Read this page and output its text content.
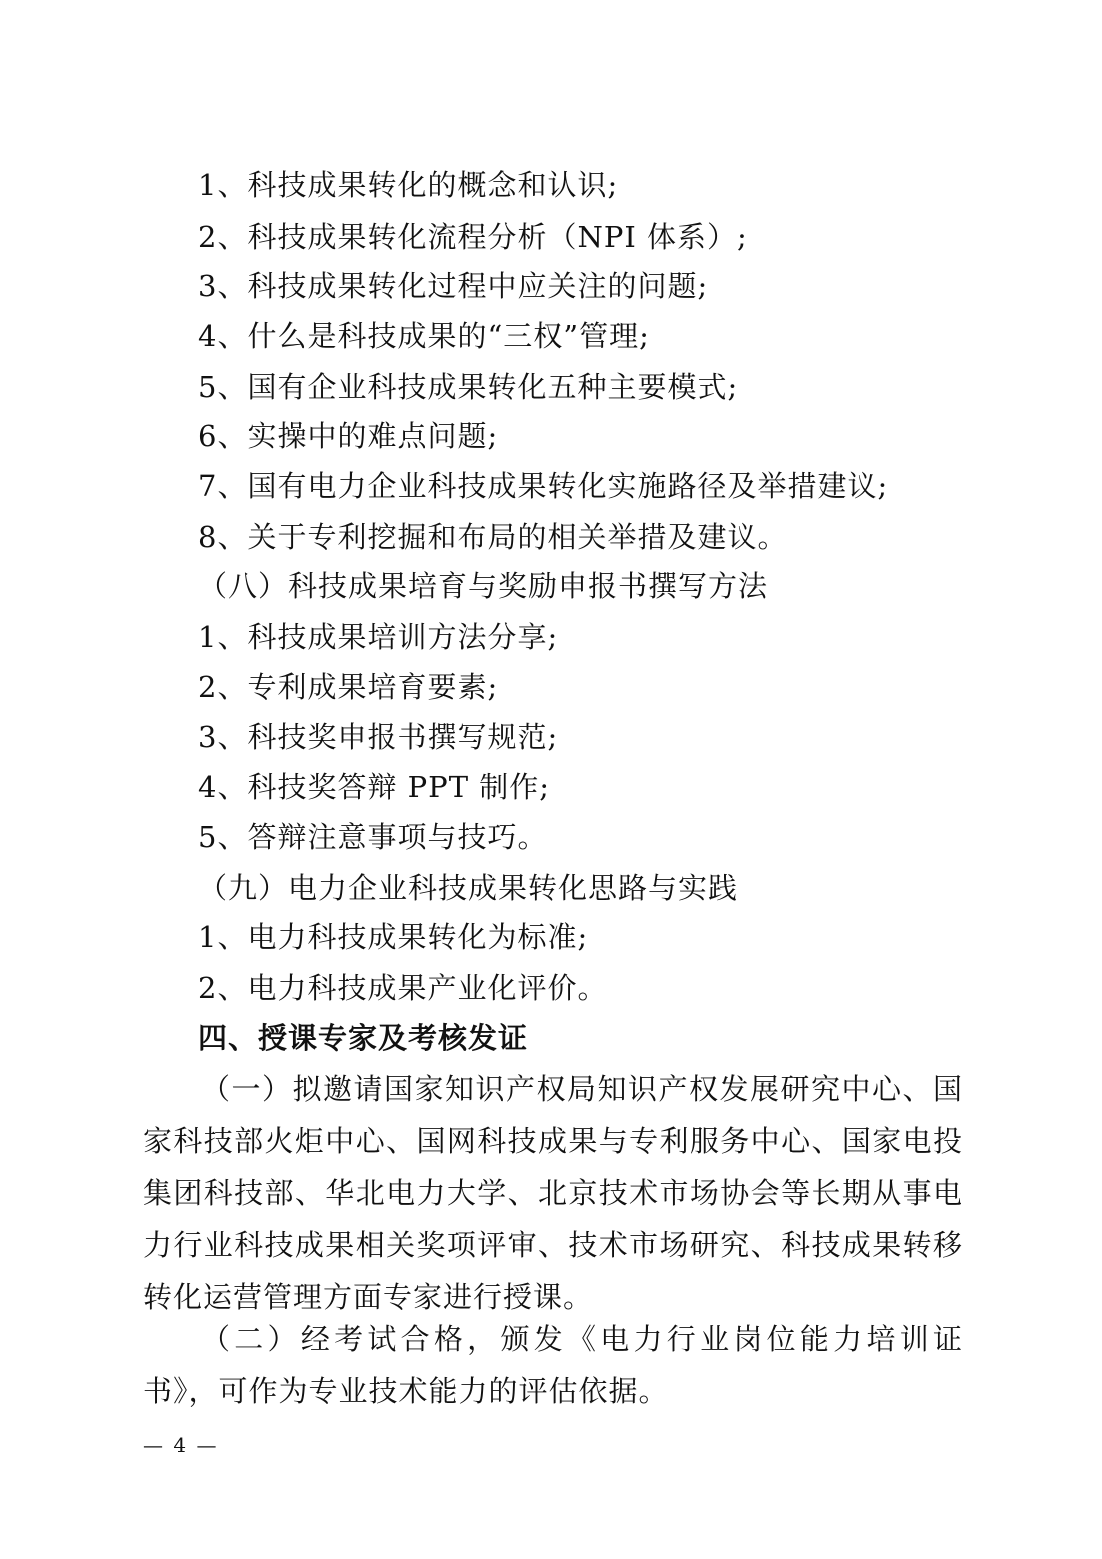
1、科技成果转化的概念和认识;
2、科技成果转化流程分析（NPI 体系）;
3、科技成果转化过程中应关注的问题;
4、什么是科技成果的“三权”管理;
5、国有企业科技成果转化五种主要模式;
6、实操中的难点问题;
7、国有电力企业科技成果转化实施路径及举措建议;
8、关于专利挖掘和布局的相关举措及建议。
（八）科技成果培育与奖励申报书撰写方法
1、科技成果培训方法分享;
2、专利成果培育要素;
3、科技奖申报书撰写规范;
4、科技奖答辩 PPT 制作;
5、答辩注意事项与技巧。
（九）电力企业科技成果转化思路与实践
1、电力科技成果转化为标准;
2、电力科技成果产业化评价。
四、授课专家及考核发证
（一）拟邀请国家知识产权局知识产权发展研究中心、国家科技部火炬中心、国网科技成果与专利服务中心、国家电投集团科技部、华北电力大学、北京技术市场协会等长期从事电力行业科技成果相关奖项评审、技术市场研究、科技成果转移转化运营管理方面专家进行授课。
（二）经考试合格，颁发《电力行业岗位能力培训证书》，可作为专业技术能力的评估依据。
— 4 —
